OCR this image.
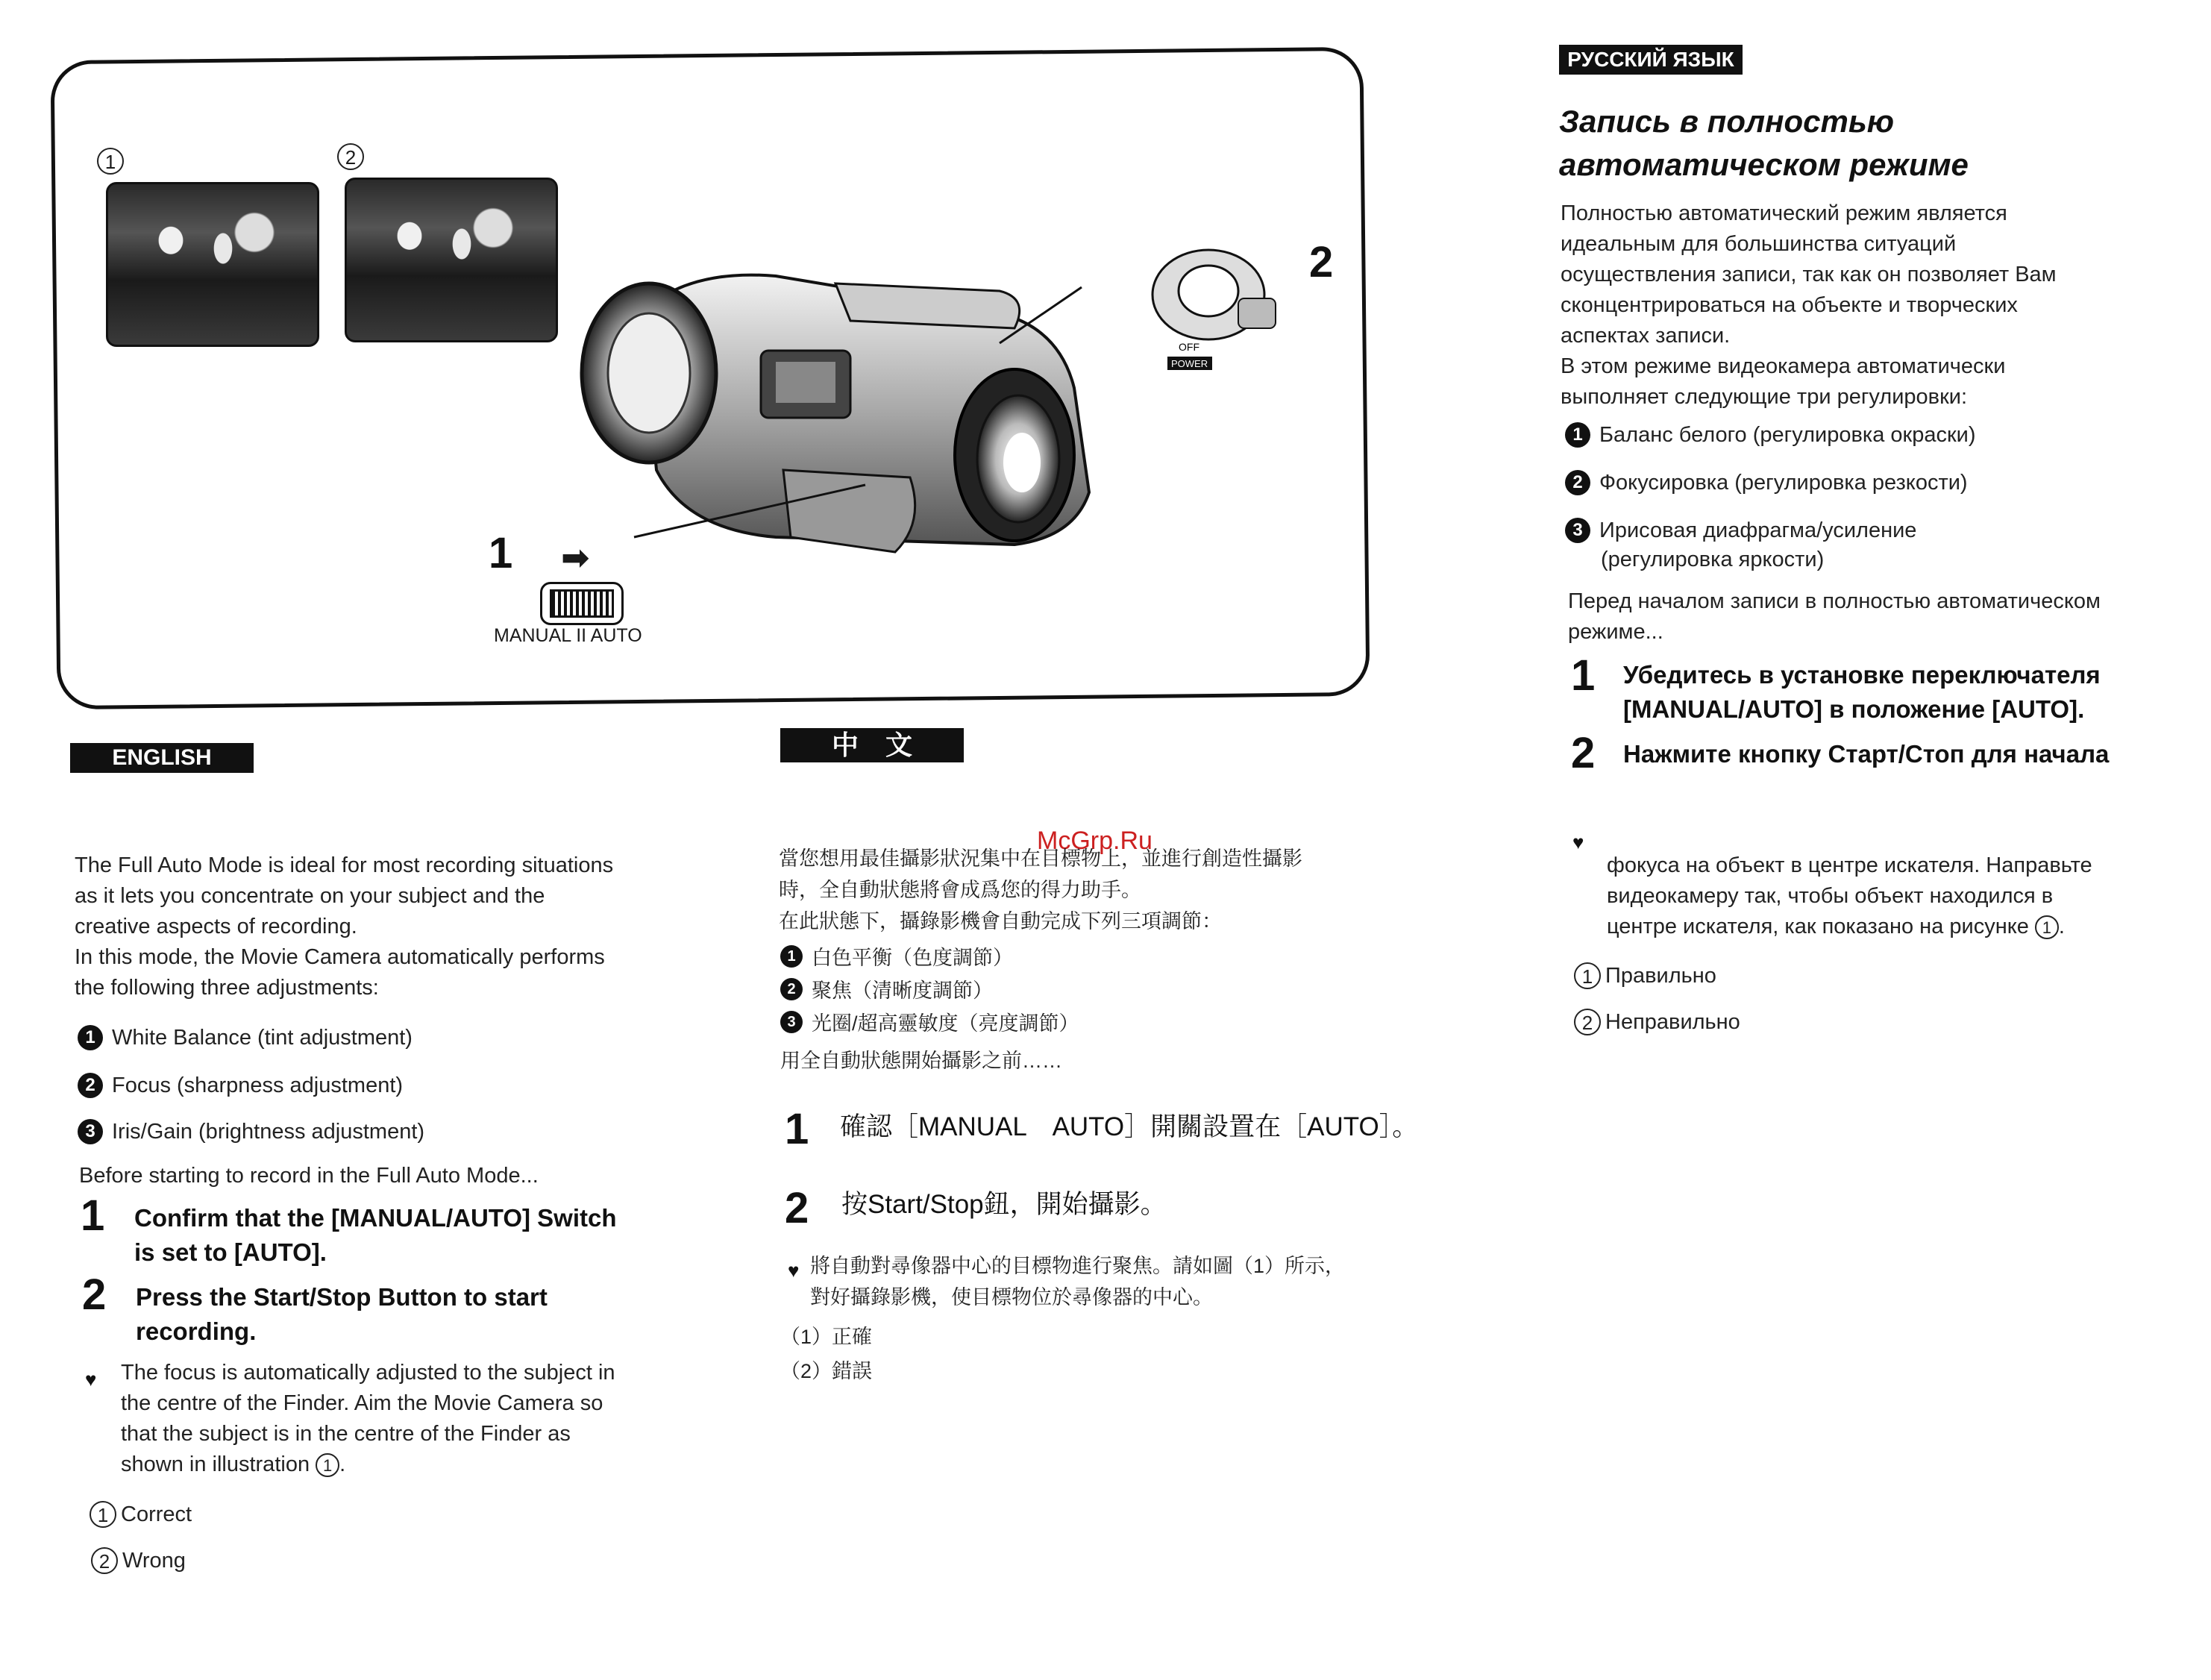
1	2
OFF
POWER
1 ➡
2
MANUAL II AUTO
ENGLISH
The Full Auto Mode is ideal for most recording situations
as it lets you concentrate on your subject and the
creative aspects of recording.
In this mode, the Movie Camera automatically performs
the following three adjustments:
1 White Balance (tint adjustment)
2 Focus (sharpness adjustment)
3 Iris/Gain (brightness adjustment)
Before starting to record in the Full Auto Mode...
1 Confirm that the [MANUAL/AUTO] Switch
is set to [AUTO].
2 Press the Start/Stop Button to start
recording.
♥ The focus is automatically adjusted to the subject in
the centre of the Finder. Aim the Movie Camera so
that the subject is in the centre of the Finder as
shown in illustration 1 .
1 Correct
2 Wrong
中　文
McGrp.Ru
當您想用最佳攝影狀況集中在目標物上，並進行創造性攝影
時，全自動狀態將會成爲您的得力助手。
在此狀態下，攝錄影機會自動完成下列三項調節：
1 白色平衡（色度調節）
2 聚焦（清晰度調節）
3 光圈/超高靈敏度（亮度調節）
用全自動狀態開始攝影之前……
1 確認［MANUAL　AUTO］開關設置在［AUTO］。
2 按Start/Stop鈕，開始攝影。
♥ 將自動對尋像器中心的目標物進行聚焦。請如圖（1）所示，
對好攝錄影機，使目標物位於尋像器的中心。
（1）正確
（2）錯誤
РУССКИЙ ЯЗЫК
Запись в полностью
автоматическом режиме
Полностью автоматический режим является
идеальным для большинства ситуаций
осуществления записи, так как он позволяет Вам
сконцентрироваться на объекте и творческих
аспектах записи.
В этом режиме видеокамера автоматически
выполняет следующие три регулировки:
1 Баланс белого (регулировка окраски)
2 Фокусировка (регулировка резкости)
3 Ирисовая диафрагма/усиление
(регулировка яркости)
Перед началом записи в полностью автоматическом
режиме...
1 Убедитесь в установке переключателя
[MANUAL/AUTO] в положение [AUTO].
2 Нажмите кнопку Старт/Стоп для начала
♥
фокуса на объект в центре искателя. Направьте
видеокамеру так, чтобы объект находился в
центре искателя, как показано на рисунке 1 .
1 Правильно
2 Неправильно
